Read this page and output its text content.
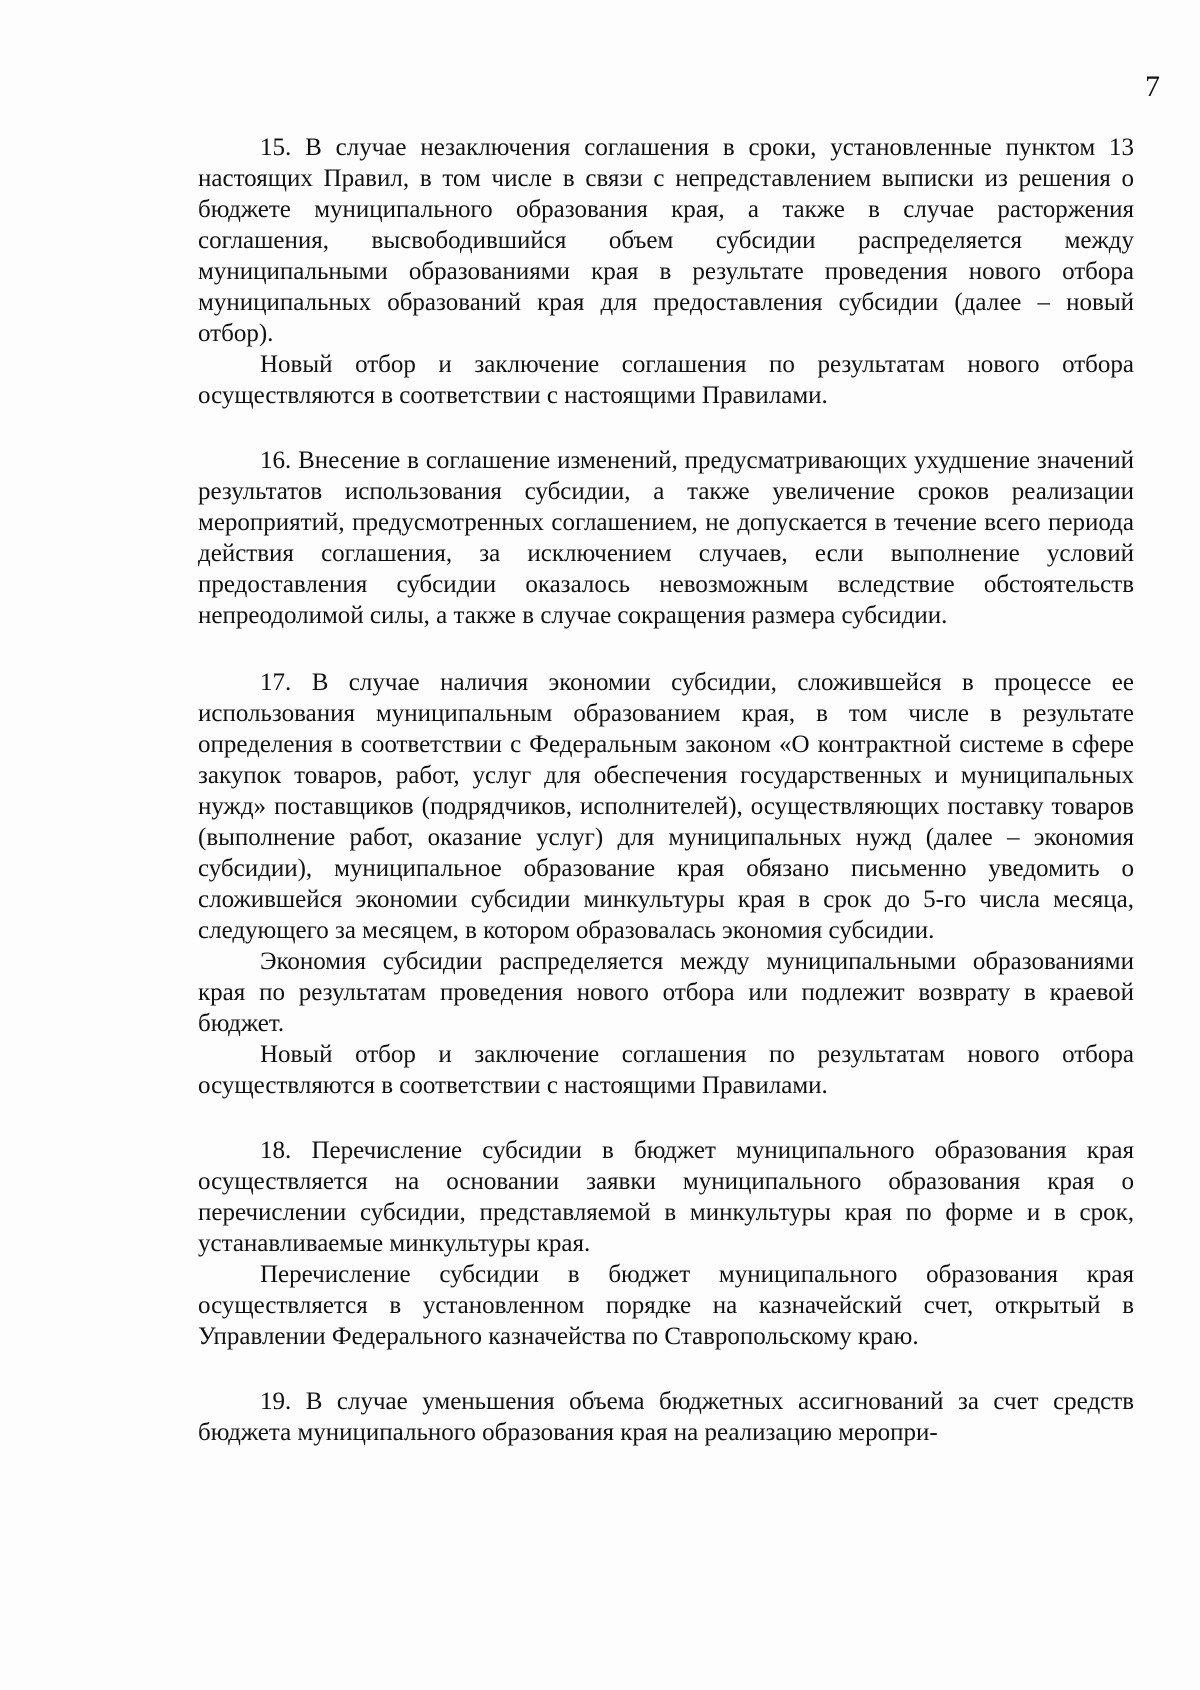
7

15. В случае незаключения соглашения в сроки, установленные пунктом 13 настоящих Правил, в том числе в связи с непредставлением выписки из решения о бюджете муниципального образования края, а также в случае расторжения соглашения, высвободившийся объем субсидии распределяется между муниципальными образованиями края в результате проведения нового отбора муниципальных образований края для предоставления субсидии (далее – новый отбор).

Новый отбор и заключение соглашения по результатам нового отбора осуществляются в соответствии с настоящими Правилами.

16. Внесение в соглашение изменений, предусматривающих ухудшение значений результатов использования субсидии, а также увеличение сроков реализации мероприятий, предусмотренных соглашением, не допускается в течение всего периода действия соглашения, за исключением случаев, если выполнение условий предоставления субсидии оказалось невозможным вследствие обстоятельств непреодолимой силы, а также в случае сокращения размера субсидии.

17. В случае наличия экономии субсидии, сложившейся в процессе ее использования муниципальным образованием края, в том числе в результате определения в соответствии с Федеральным законом «О контрактной системе в сфере закупок товаров, работ, услуг для обеспечения государственных и муниципальных нужд» поставщиков (подрядчиков, исполнителей), осуществляющих поставку товаров (выполнение работ, оказание услуг) для муниципальных нужд (далее – экономия субсидии), муниципальное образование края обязано письменно уведомить о сложившейся экономии субсидии минкультуры края в срок до 5-го числа месяца, следующего за месяцем, в котором образовалась экономия субсидии.

Экономия субсидии распределяется между муниципальными образованиями края по результатам проведения нового отбора или подлежит возврату в краевой бюджет.

Новый отбор и заключение соглашения по результатам нового отбора осуществляются в соответствии с настоящими Правилами.

18. Перечисление субсидии в бюджет муниципального образования края осуществляется на основании заявки муниципального образования края о перечислении субсидии, представляемой в минкультуры края по форме и в срок, устанавливаемые минкультуры края.

Перечисление субсидии в бюджет муниципального образования края осуществляется в установленном порядке на казначейский счет, открытый в Управлении Федерального казначейства по Ставропольскому краю.

19. В случае уменьшения объема бюджетных ассигнований за счет средств бюджета муниципального образования края на реализацию меропри-
